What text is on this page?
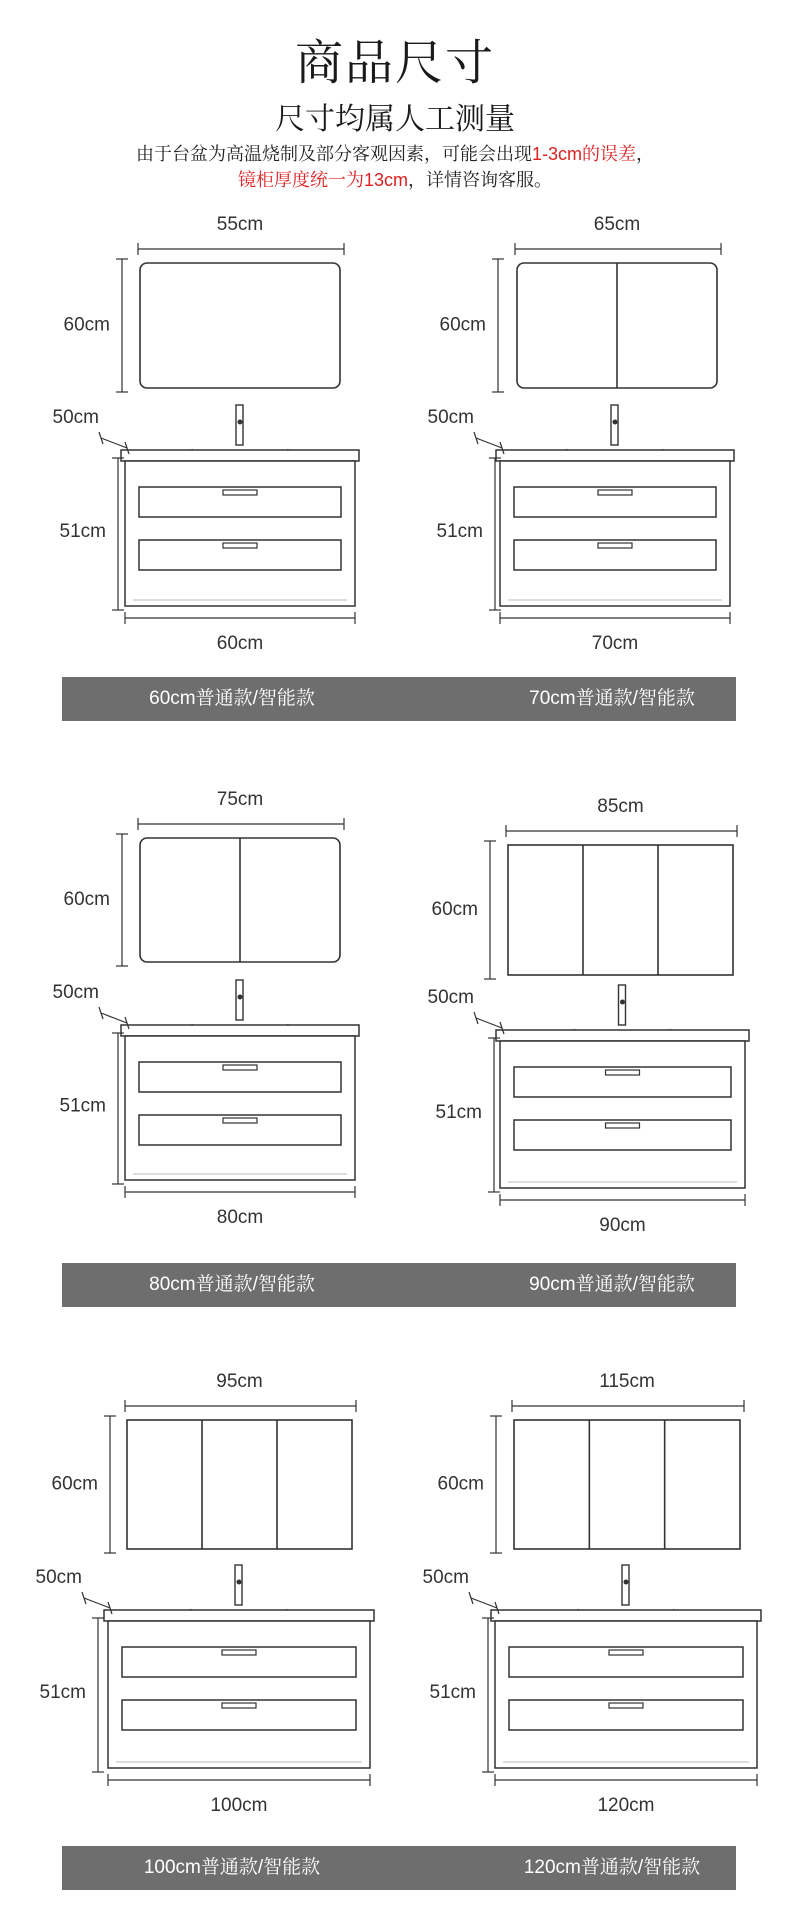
商品尺寸
尺寸均属人工测量
由于台盆为高温烧制及部分客观因素，可能会出现1-3cm的误差，
镜柜厚度统一为13cm，详情咨询客服。
55cm
60cm
60cm
51cm
50cm
65cm
60cm
70cm
51cm
50cm
75cm
60cm
80cm
51cm
50cm
85cm
60cm
90cm
51cm
50cm
95cm
60cm
100cm
51cm
50cm
115cm
60cm
120cm
51cm
50cm
60cm普通款/智能款	70cm普通款/智能款
80cm普通款/智能款	90cm普通款/智能款
100cm普通款/智能款	120cm普通款/智能款
